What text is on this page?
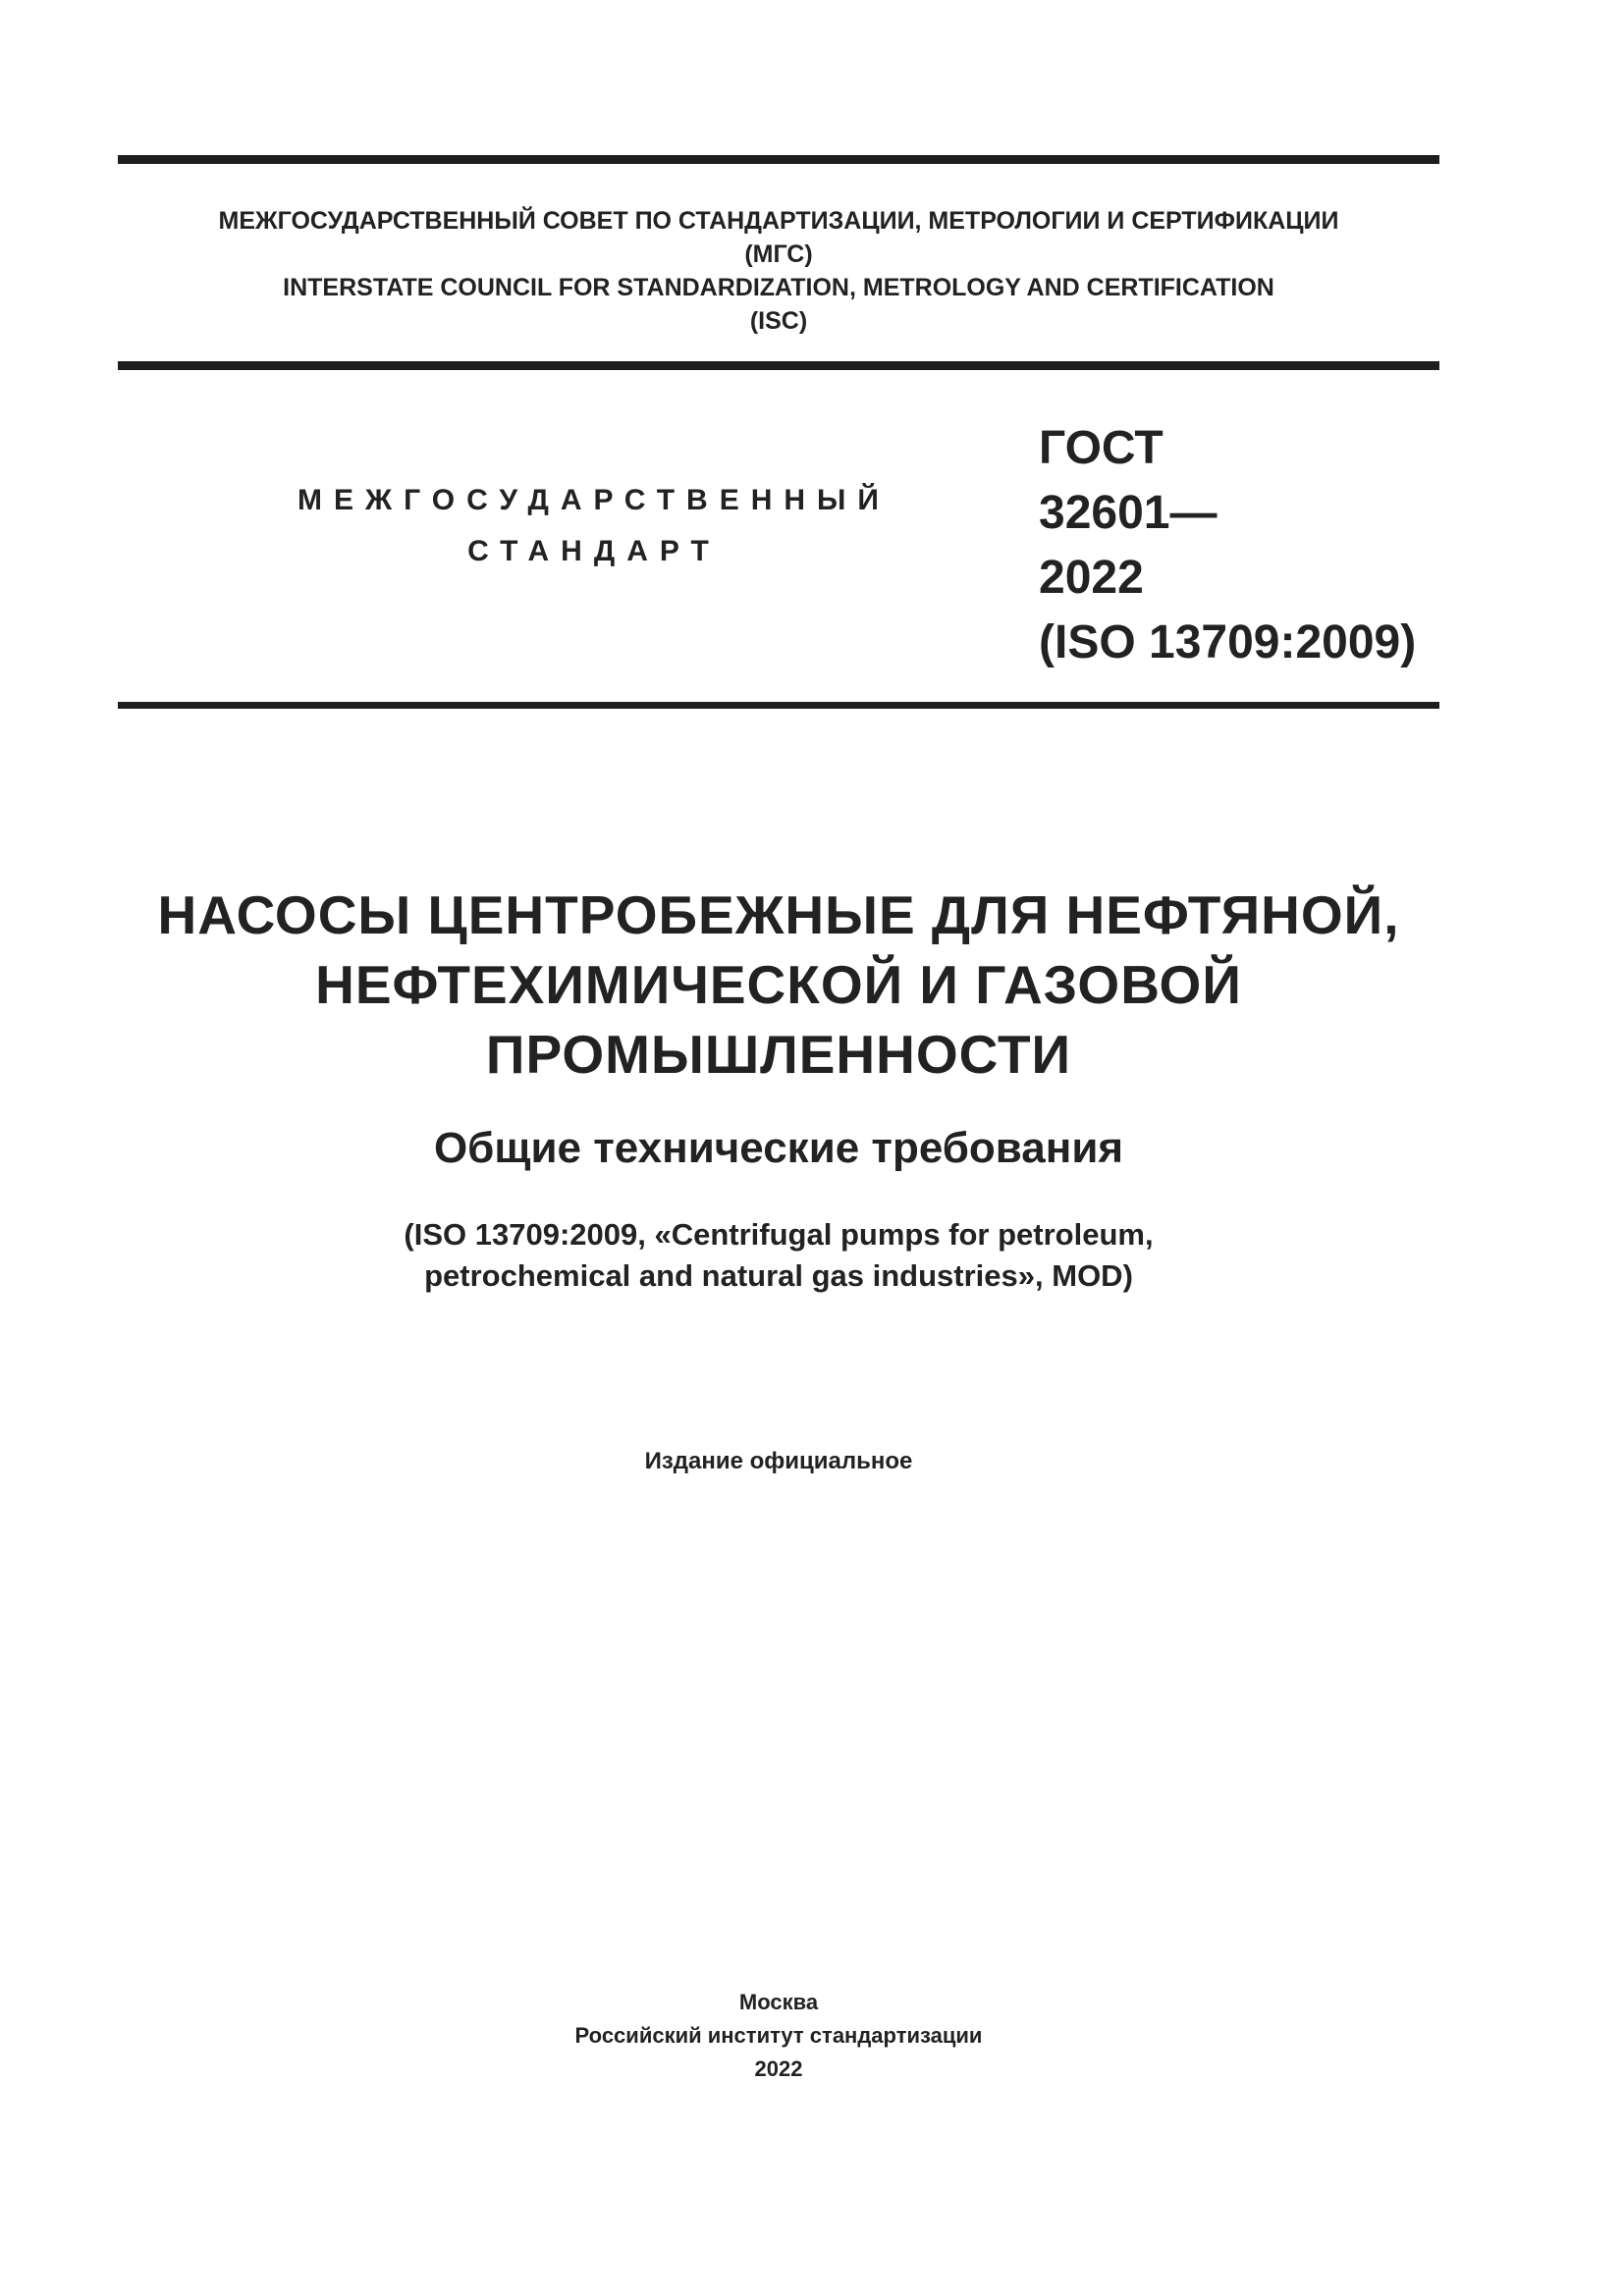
МЕЖГОСУДАРСТВЕННЫЙ СОВЕТ ПО СТАНДАРТИЗАЦИИ, МЕТРОЛОГИИ И СЕРТИФИКАЦИИ
(МГС)
INTERSTATE COUNCIL FOR STANDARDIZATION, METROLOGY AND CERTIFICATION
(ISC)
МЕЖГОСУДАРСТВЕННЫЙ
СТАНДАРТ
ГОСТ
32601—
2022
(ISO 13709:2009)
НАСОСЫ ЦЕНТРОБЕЖНЫЕ ДЛЯ НЕФТЯНОЙ,
НЕФТЕХИМИЧЕСКОЙ И ГАЗОВОЙ
ПРОМЫШЛЕННОСТИ
Общие технические требования
(ISO 13709:2009, «Centrifugal pumps for petroleum,
petrochemical and natural gas industries», MOD)
Издание официальное
Москва
Российский институт стандартизации
2022
